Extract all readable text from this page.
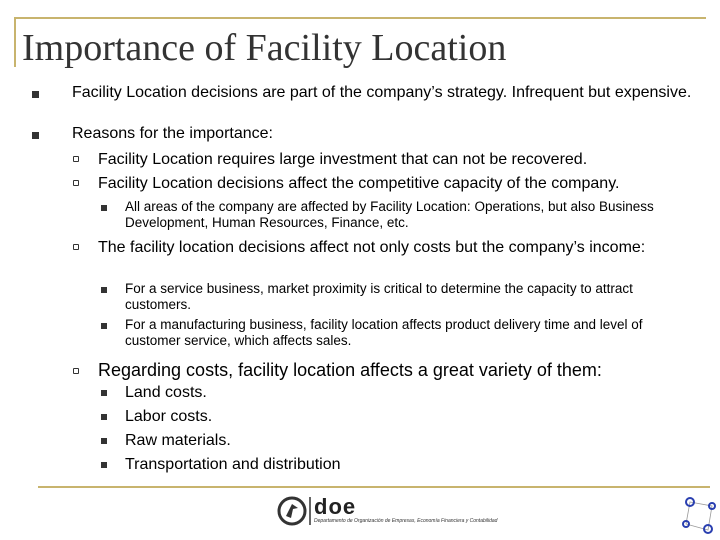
Importance of Facility Location
Facility Location decisions are part of the company’s strategy. Infrequent but expensive.
Reasons for the importance:
Facility Location requires large investment that can not be recovered.
Facility Location decisions affect the competitive capacity of the company.
All areas of the company are affected by Facility Location: Operations, but also Business Development, Human Resources, Finance, etc.
The facility location decisions affect not only costs but the company’s income:
For a service business, market proximity is critical to determine the capacity to attract customers.
For a manufacturing business, facility location affects product delivery time and level of customer service, which affects sales.
Regarding costs, facility location affects a great variety of them:
Land costs.
Labor costs.
Raw materials.
Transportation and distribution
doe
Departamento de Organización de Empresas, Economía Financiera y Contabilidad
